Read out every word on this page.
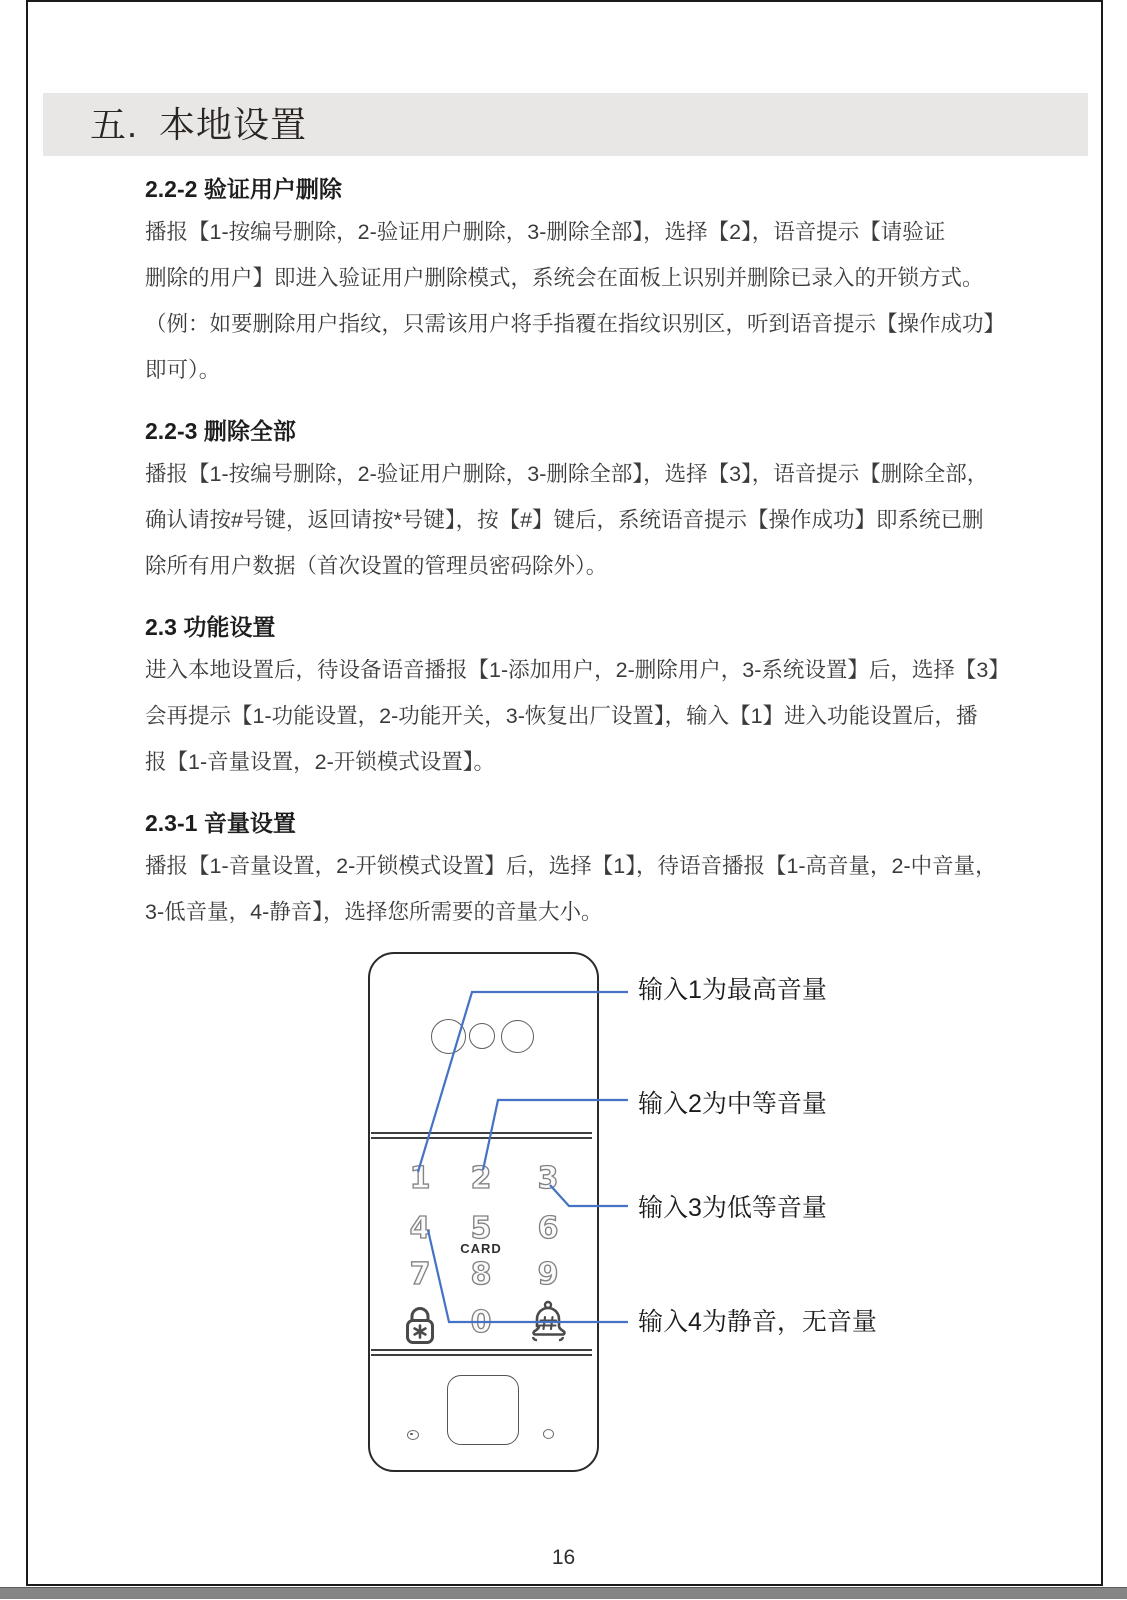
五. 本地设置
2.2-2 验证用户删除
播报【1-按编号删除，2-验证用户删除，3-删除全部】，选择【2】，语音提示【请验证
删除的用户】即进入验证用户删除模式，系统会在面板上识别并删除已录入的开锁方式。
（例：如要删除用户指纹，只需该用户将手指覆在指纹识别区，听到语音提示【操作成功】
即可）。
2.2-3 删除全部
播报【1-按编号删除，2-验证用户删除，3-删除全部】，选择【3】，语音提示【删除全部，
确认请按#号键，返回请按*号键】，按【#】键后，系统语音提示【操作成功】即系统已删
除所有用户数据（首次设置的管理员密码除外）。
2.3 功能设置
进入本地设置后，待设备语音播报【1-添加用户，2-删除用户，3-系统设置】后，选择【3】
会再提示【1-功能设置，2-功能开关，3-恢复出厂设置】，输入【1】进入功能设置后，播
报【1-音量设置，2-开锁模式设置】。
2.3-1 音量设置
播报【1-音量设置，2-开锁模式设置】后，选择【1】，待语音播报【1-高音量，2-中音量，
3-低音量，4-静音】，选择您所需要的音量大小。
1	2	3
4	5	6
7	8	9
0
CARD
输入1为最高音量
输入2为中等音量
输入3为低等音量
输入4为静音，无音量
16
